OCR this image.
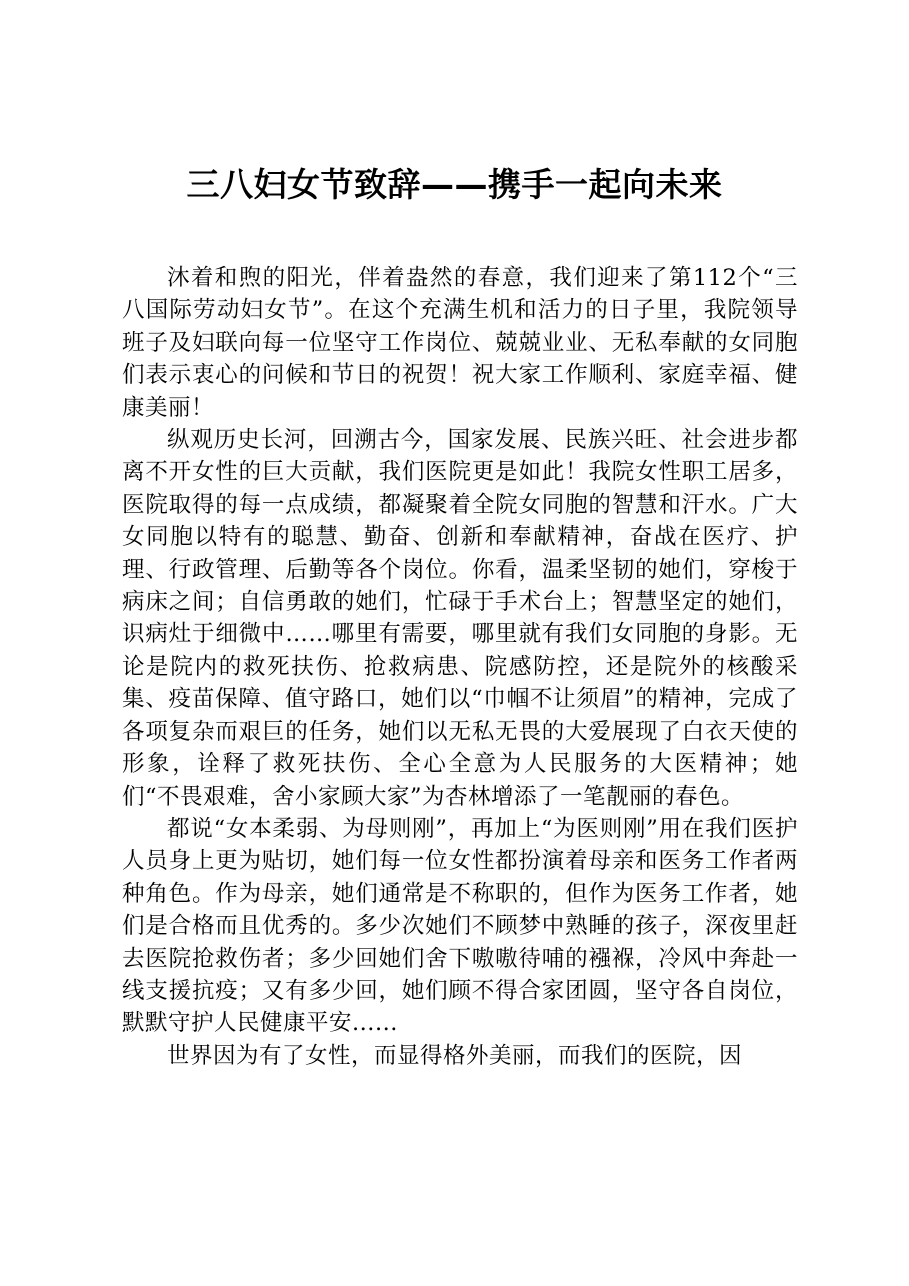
三八妇女节致辞——携手一起向未来

沐着和煦的阳光，伴着盎然的春意，我们迎来了第112个“三八国际劳动妇女节”。在这个充满生机和活力的日子里，我院领导班子及妇联向每一位坚守工作岗位、兢兢业业、无私奉献的女同胞们表示衷心的问候和节日的祝贺！祝大家工作顺利、家庭幸福、健康美丽！

纵观历史长河，回溯古今，国家发展、民族兴旺、社会进步都离不开女性的巨大贡献，我们医院更是如此！我院女性职工居多，医院取得的每一点成绩，都凝聚着全院女同胞的智慧和汗水。广大女同胞以特有的聪慧、勤奋、创新和奉献精神，奋战在医疗、护理、行政管理、后勤等各个岗位。你看，温柔坚韧的她们，穿梭于病床之间；自信勇敢的她们，忙碌于手术台上；智慧坚定的她们，识病灶于细微中……哪里有需要，哪里就有我们女同胞的身影。无论是院内的救死扶伤、抢救病患、院感防控，还是院外的核酸采集、疫苗保障、值守路口，她们以“巾帼不让须眉”的精神，完成了各项复杂而艰巨的任务，她们以无私无畏的大爱展现了白衣天使的形象，诠释了救死扶伤、全心全意为人民服务的大医精神；她们“不畏艰难，舍小家顾大家”为杏林增添了一笔靓丽的春色。

都说“女本柔弱、为母则刚”，再加上“为医则刚”用在我们医护人员身上更为贴切，她们每一位女性都扮演着母亲和医务工作者两种角色。作为母亲，她们通常是不称职的，但作为医务工作者，她们是合格而且优秀的。多少次她们不顾梦中熟睡的孩子，深夜里赶去医院抢救伤者；多少回她们舍下嗷嗷待哺的襁褓，冷风中奔赴一线支援抗疫；又有多少回，她们顾不得合家团圆，坚守各自岗位，默默守护人民健康平安......

世界因为有了女性，而显得格外美丽，而我们的医院，因
